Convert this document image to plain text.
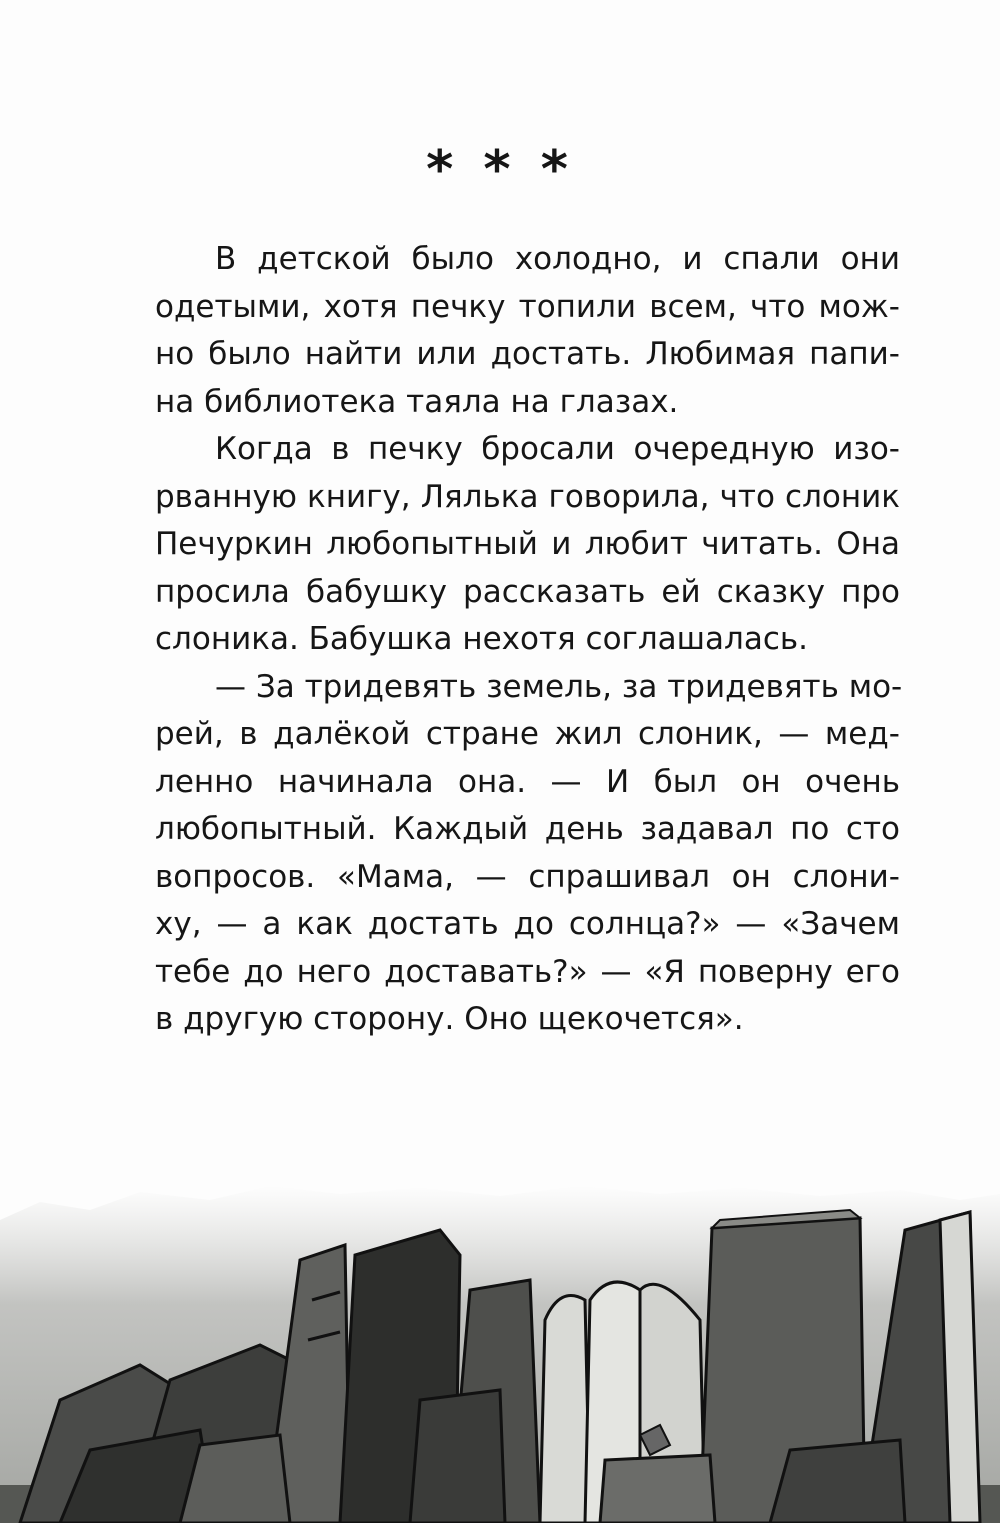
* * *
В детской было холодно, и спали они
одетыми, хотя печку топили всем, что мож-
но было найти или достать. Любимая папи-
на библиотека таяла на глазах.
Когда в печку бросали очередную изо-
рванную книгу, Лялька говорила, что слоник
Печуркин любопытный и любит читать. Она
просила бабушку рассказать ей сказку про
слоника. Бабушка нехотя соглашалась.
— За тридевять земель, за тридевять мо-
рей, в далёкой стране жил слоник, — мед-
ленно начинала она. — И был он очень
любопытный. Каждый день задавал по сто
вопросов. «Мама, — спрашивал он слони-
ху, — а как достать до солнца?» — «Зачем
тебе до него доставать?» — «Я поверну его
в другую сторону. Оно щекочется».
